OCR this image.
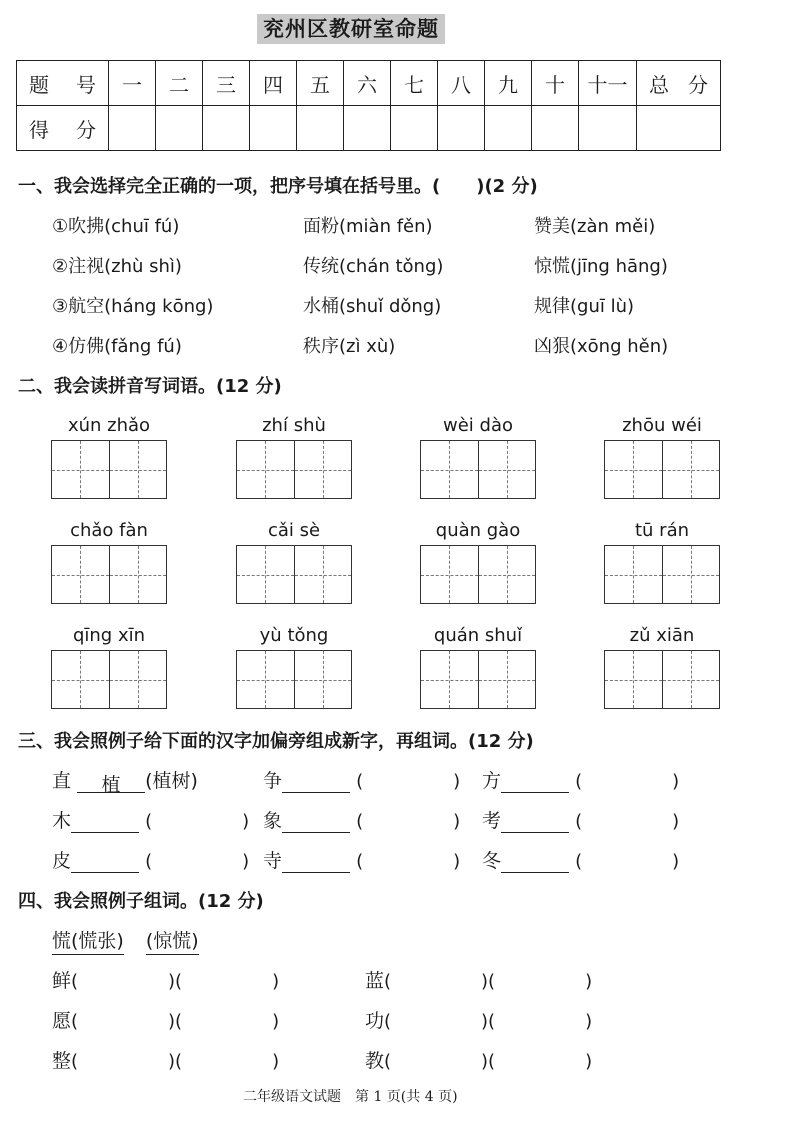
兖州区教研室命题
题 号	一	二	三	四	五	六	七	八	九	十	十一	总 分
得 分												
一、我会选择完全正确的一项，把序号填在括号里。(　　)(2 分)
①吹拂(chuī fú)	面粉(miàn fěn)	赞美(zàn měi)
②注视(zhù shì)	传统(chán tǒng)	惊慌(jīng hāng)
③航空(háng kōng)	水桶(shuǐ dǒng)	规律(guī lù)
④仿佛(fǎng fú)	秩序(zì xù)	凶狠(xōng hěn)
二、我会读拼音写词语。(12 分)
xún zhǎo	zhí shù	wèi dào	zhōu wéi
chǎo fàn	cǎi sè	quàn gào	tū rán
qīng xīn	yù tǒng	quán shuǐ	zǔ xiān
三、我会照例子给下面的汉字加偏旁组成新字，再组词。(12 分)
直 植 (植树)	争	(　　　　　) 方	(　　　　　)
木	(　　　　　) 象	(　　　　　) 考	(　　　　　)
皮	(　　　　　) 寺	(　　　　　) 冬	(　　　　　)
四、我会照例子组词。(12 分)
慌(慌张) (惊慌)
鲜(　　　　　)(　　　　　)	蓝(　　　　　)(　　　　　)
愿(　　　　　)(　　　　　)	功(　　　　　)(　　　　　)
整(　　　　　)(　　　　　)	教(　　　　　)(　　　　　)
二年级语文试题　第 1 页(共 4 页)
